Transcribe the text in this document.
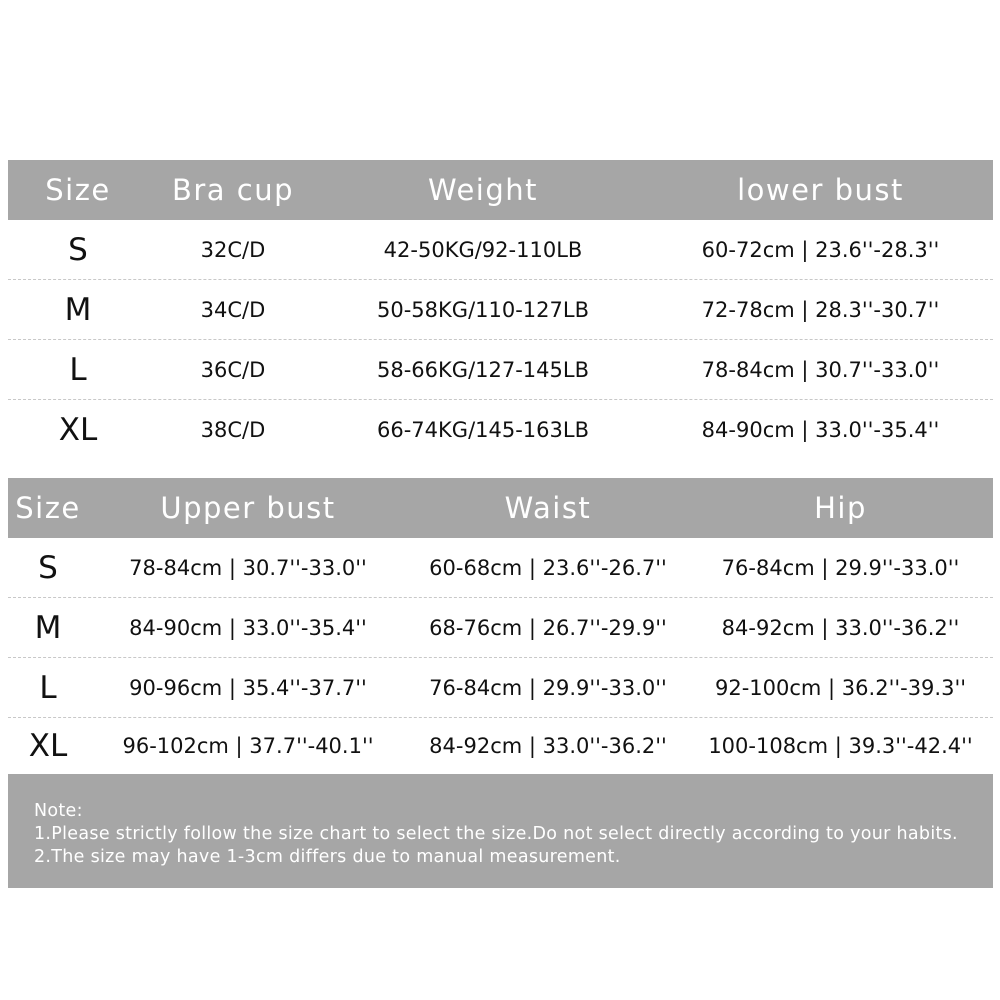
Size	Bra cup	Weight	lower bust
S	32C/D	42-50KG/92-110LB	60-72cm | 23.6''-28.3''
M	34C/D	50-58KG/110-127LB	72-78cm | 28.3''-30.7''
L	36C/D	58-66KG/127-145LB	78-84cm | 30.7''-33.0''
XL	38C/D	66-74KG/145-163LB	84-90cm | 33.0''-35.4''
Size	Upper bust	Waist	Hip
S	78-84cm | 30.7''-33.0''	60-68cm | 23.6''-26.7''	76-84cm | 29.9''-33.0''
M	84-90cm | 33.0''-35.4''	68-76cm | 26.7''-29.9''	84-92cm | 33.0''-36.2''
L	90-96cm | 35.4''-37.7''	76-84cm | 29.9''-33.0''	92-100cm | 36.2''-39.3''
XL	96-102cm | 37.7''-40.1''	84-92cm | 33.0''-36.2''	100-108cm | 39.3''-42.4''
Note:
1.Please strictly follow the size chart to select the size.Do not select directly according to your habits.
2.The size may have 1-3cm differs due to manual measurement.
